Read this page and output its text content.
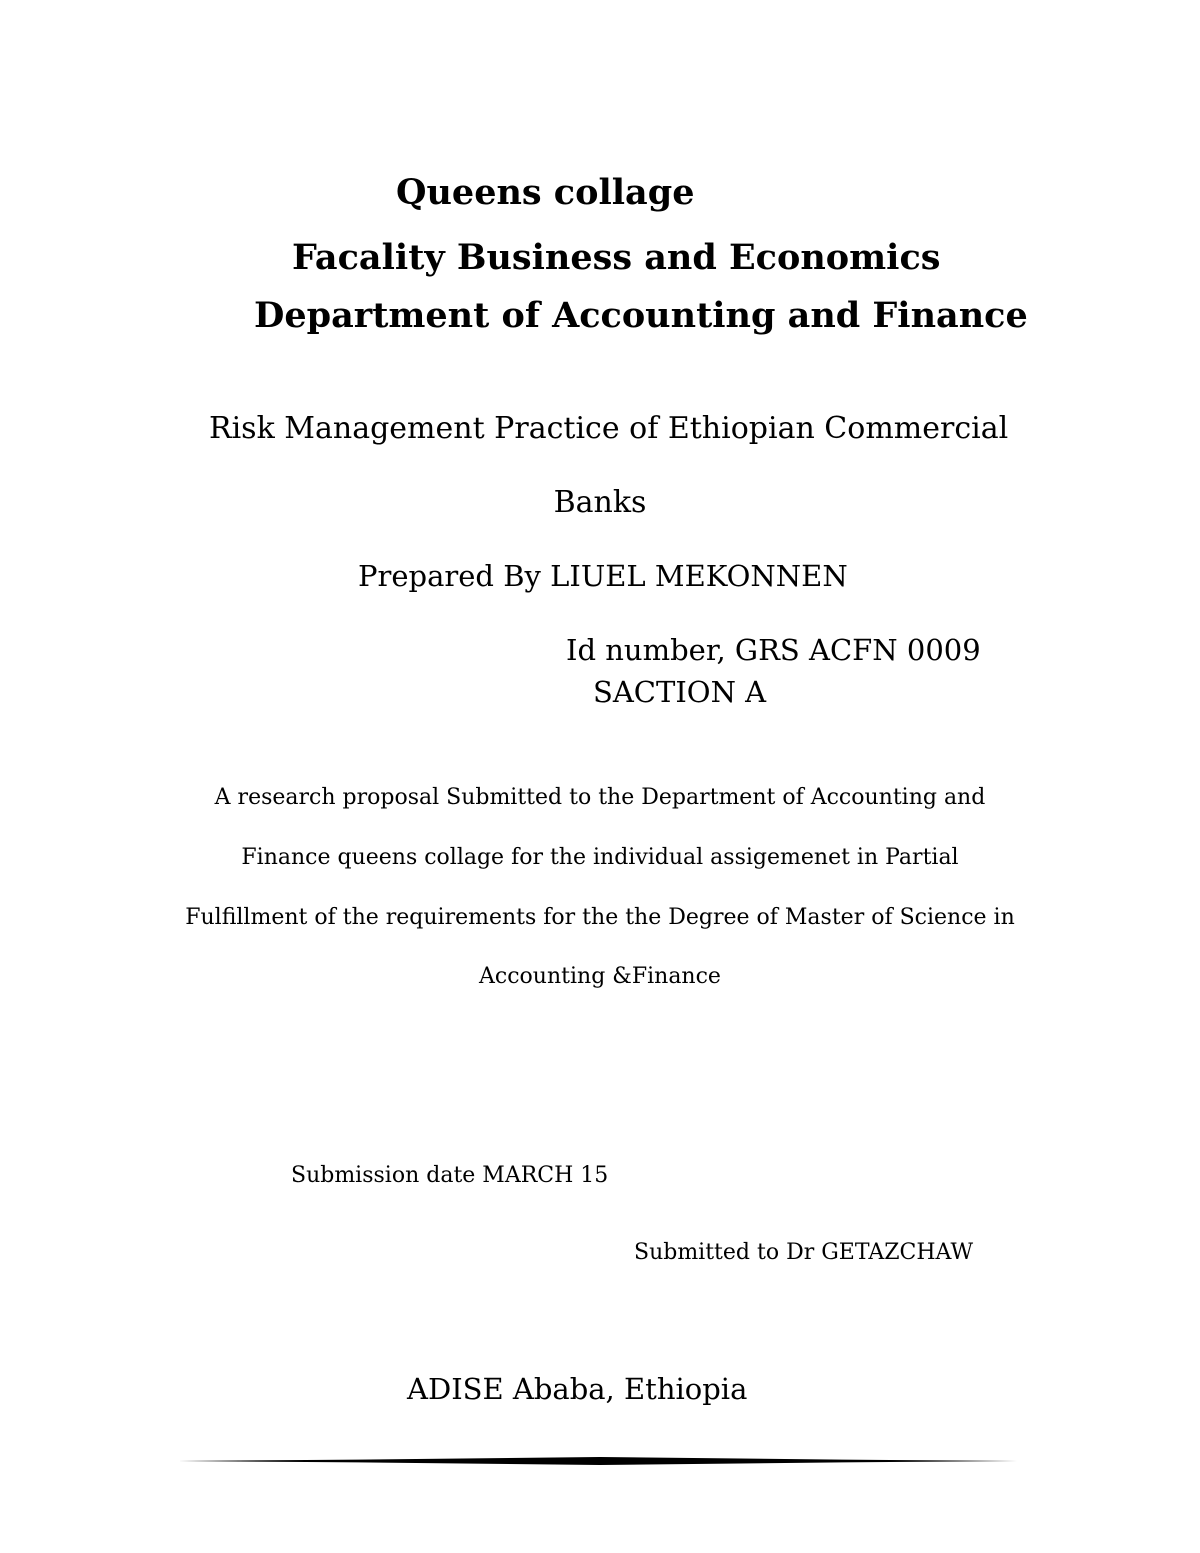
Queens collage
Facality Business and Economics
Department of Accounting and Finance
Risk Management Practice of Ethiopian Commercial
Banks
Prepared By LIUEL MEKONNEN
Id number, GRS ACFN 0009
SACTION A
A research proposal Submitted to the Department of Accounting and
Finance queens collage for the individual assigemenet in Partial
Fulfillment of the requirements for the the Degree of Master of Science in
Accounting &Finance
Submission date MARCH 15
Submitted to Dr GETAZCHAW
ADISE Ababa, Ethiopia
